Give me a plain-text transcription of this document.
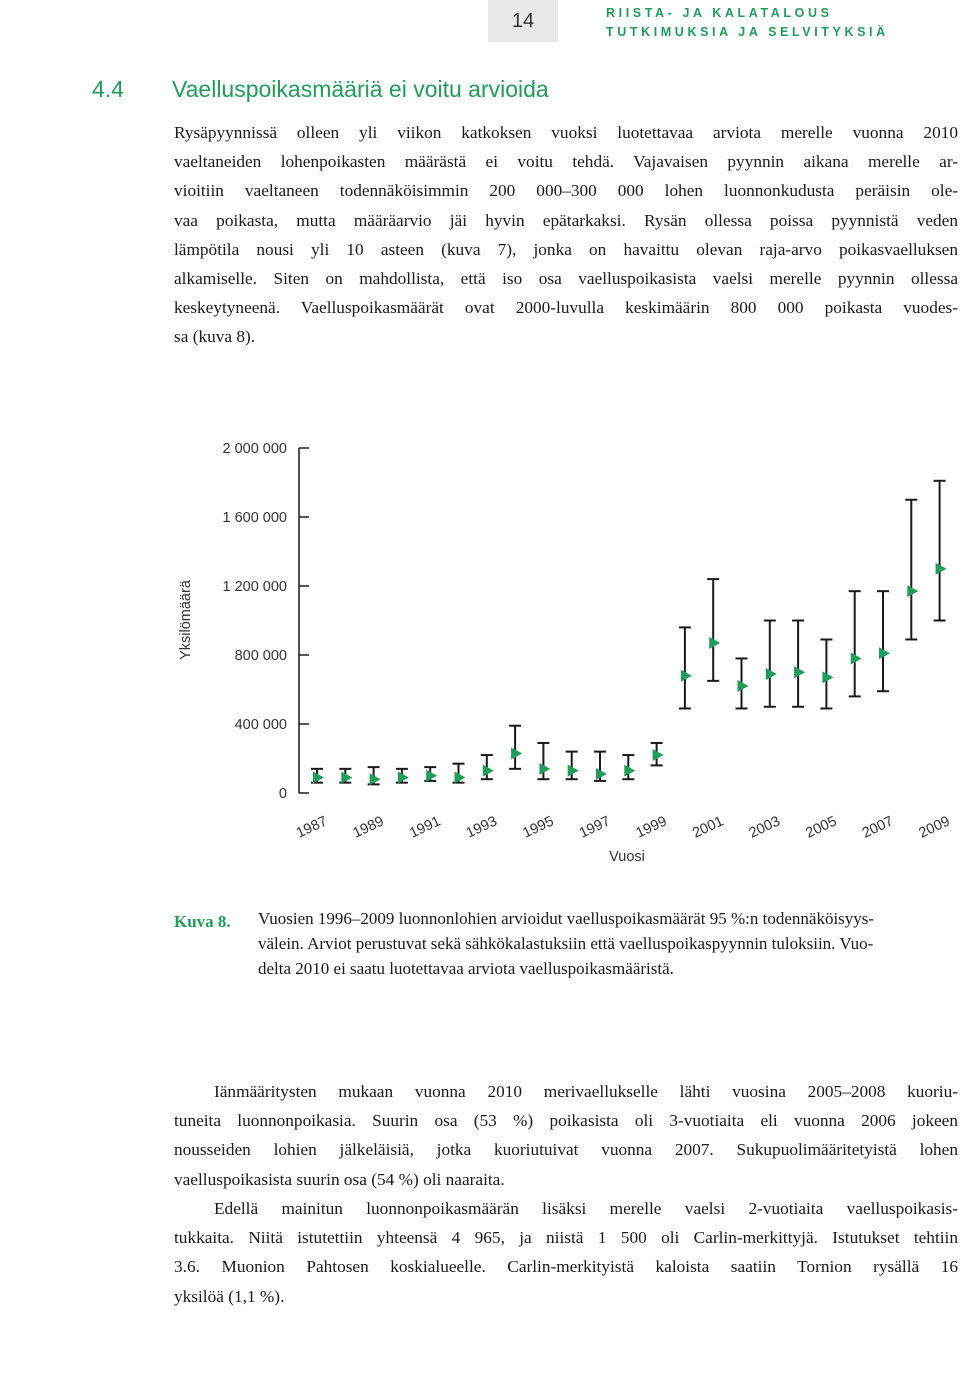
14	RIISTA- JA KALATALOUS
TUTKIMUKSIA JA SELVITYKSIÄ
4.4 Vaelluspoikasmääriä ei voitu arvioida
Rysäpyynnissä olleen yli viikon katkoksen vuoksi luotettavaa arviota merelle vuonna 2010
vaeltaneiden lohenpoikasten määrästä ei voitu tehdä. Vajavaisen pyynnin aikana merelle ar-
vioitiin vaeltaneen todennäköisimmin 200 000–300 000 lohen luonnonkudusta peräisin ole-
vaa poikasta, mutta määräarvio jäi hyvin epätarkaksi. Rysän ollessa poissa pyynnistä veden
lämpötila nousi yli 10 asteen (kuva 7), jonka on havaittu olevan raja-arvo poikasvaelluksen
alkamiselle. Siten on mahdollista, että iso osa vaelluspoikasista vaelsi merelle pyynnin ollessa
keskeytyneenä. Vaelluspoikasmäärät ovat 2000-luvulla keskimäärin 800 000 poikasta vuodes-
sa (kuva 8).
0
400 000
800 000
1 200 000
1 600 000
2 000 000
Yksilömäärä
Vuosi
1987 1989 1991 1993 1995 1997 1999 2001 2003 2005 2007 2009
Kuva 8. Vuosien 1996–2009 luonnonlohien arvioidut vaelluspoikasmäärät 95 %:n todennäköisyys-
välein. Arviot perustuvat sekä sähkökalastuksiin että vaelluspoikaspyynnin tuloksiin. Vuo-
delta 2010 ei saatu luotettavaa arviota vaelluspoikasmääristä.
Iänmääritysten mukaan vuonna 2010 merivaellukselle lähti vuosina 2005–2008 kuoriu-
tuneita luonnonpoikasia. Suurin osa (53 %) poikasista oli 3-vuotiaita eli vuonna 2006 jokeen
nousseiden lohien jälkeläisiä, jotka kuoriutuivat vuonna 2007. Sukupuolimääritetyistä lohen
vaelluspoikasista suurin osa (54 %) oli naaraita.
Edellä mainitun luonnonpoikasmäärän lisäksi merelle vaelsi 2-vuotiaita vaelluspoikasis-
tukkaita. Niitä istutettiin yhteensä 4 965, ja niistä 1 500 oli Carlin-merkittyjä. Istutukset tehtiin
3.6. Muonion Pahtosen koskialueelle. Carlin-merkityistä kaloista saatiin Tornion rysällä 16
yksilöä (1,1 %).
